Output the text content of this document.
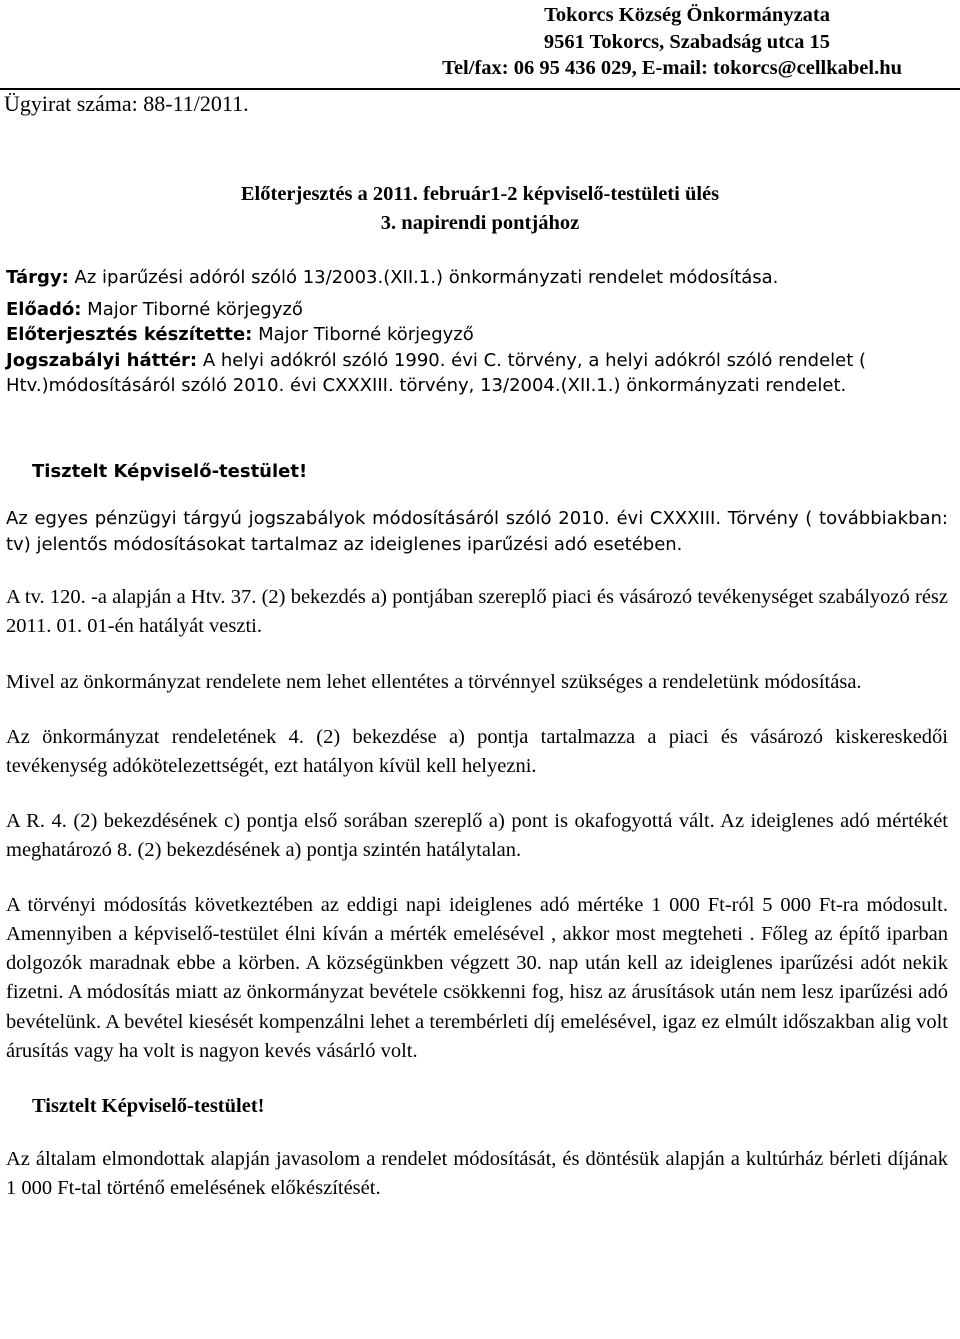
Tokorcs Község Önkormányzata
9561 Tokorcs, Szabadság utca 15
Tel/fax: 06 95 436 029, E-mail: tokorcs@cellkabel.hu
Ügyirat száma: 88-11/2011.
Előterjesztés a 2011. február1-2 képviselő-testületi ülés
3. napirendi pontjához
Tárgy: Az iparűzési adóról szóló 13/2003.(XII.1.) önkormányzati rendelet módosítása.
Előadó: Major Tiborné körjegyző
Előterjesztés készítette: Major Tiborné körjegyző
Jogszabályi háttér: A helyi adókról szóló 1990. évi C. törvény, a helyi adókról szóló rendelet ( Htv.)módosításáról szóló 2010. évi CXXXIII. törvény, 13/2004.(XII.1.) önkormányzati rendelet.
Tisztelt Képviselő-testület!

Az egyes pénzügyi tárgyú jogszabályok módosításáról szóló 2010. évi CXXXIII. Törvény ( továbbiakban: tv) jelentős módosításokat tartalmaz az ideiglenes iparűzési adó esetében.

A tv. 120. -a alapján a Htv. 37. (2) bekezdés a) pontjában szereplő piaci és vásározó tevékenységet szabályozó rész 2011. 01. 01-én hatályát veszti.

Mivel az önkormányzat rendelete nem lehet ellentétes a törvénnyel szükséges a rendeletünk módosítása.

Az önkormányzat rendeletének 4. (2) bekezdése a) pontja tartalmazza a piaci és vásározó kiskereskedői tevékenység adókötelezettségét, ezt hatályon kívül kell helyezni.

A R. 4. (2) bekezdésének c) pontja első sorában szereplő a) pont is okafogyottá vált. Az ideiglenes adó mértékét meghatározó 8. (2) bekezdésének a) pontja szintén hatálytalan.

A törvényi módosítás következtében az eddigi napi ideiglenes adó mértéke 1 000 Ft-ról 5 000 Ft-ra módosult. Amennyiben a képviselő-testület élni kíván a mérték emelésével , akkor most megteheti . Főleg az építő iparban dolgozók maradnak ebbe a körben. A községünkben végzett 30. nap után kell az ideiglenes iparűzési adót nekik fizetni. A módosítás miatt az önkormányzat bevétele csökkenni fog, hisz az árusítások után nem lesz iparűzési adó bevételünk. A bevétel kiesését kompenzálni lehet a terembérleti díj emelésével, igaz ez elmúlt időszakban alig volt árusítás vagy ha volt is nagyon kevés vásárló volt.

Tisztelt Képviselő-testület!

Az általam elmondottak alapján javasolom a rendelet módosítását, és döntésük alapján a kultúrház bérleti díjának 1 000 Ft-tal történő emelésének előkészítését.
